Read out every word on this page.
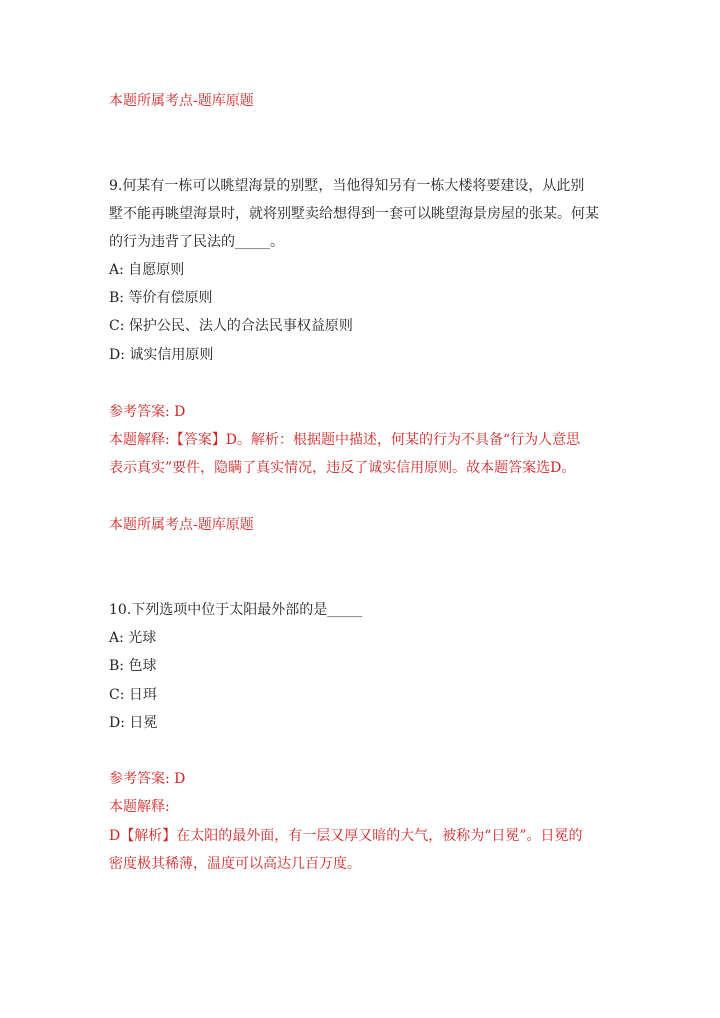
本题所属考点-题库原题
9.何某有一栋可以眺望海景的别墅，当他得知另有一栋大楼将要建设，从此别
墅不能再眺望海景时，就将别墅卖给想得到一套可以眺望海景房屋的张某。何某
的行为违背了民法的_____。
A: 自愿原则
B: 等价有偿原则
C: 保护公民、法人的合法民事权益原则
D: 诚实信用原则
参考答案: D
本题解释:【答案】D。解析：根据题中描述，何某的行为不具备“行为人意思
表示真实”要件，隐瞒了真实情况，违反了诚实信用原则。故本题答案选D。
本题所属考点-题库原题
10.下列选项中位于太阳最外部的是_____
A: 光球
B: 色球
C: 日珥
D: 日冕
参考答案: D
本题解释:
D【解析】在太阳的最外面，有一层又厚又暗的大气，被称为“日冕”。日冕的
密度极其稀薄，温度可以高达几百万度。
